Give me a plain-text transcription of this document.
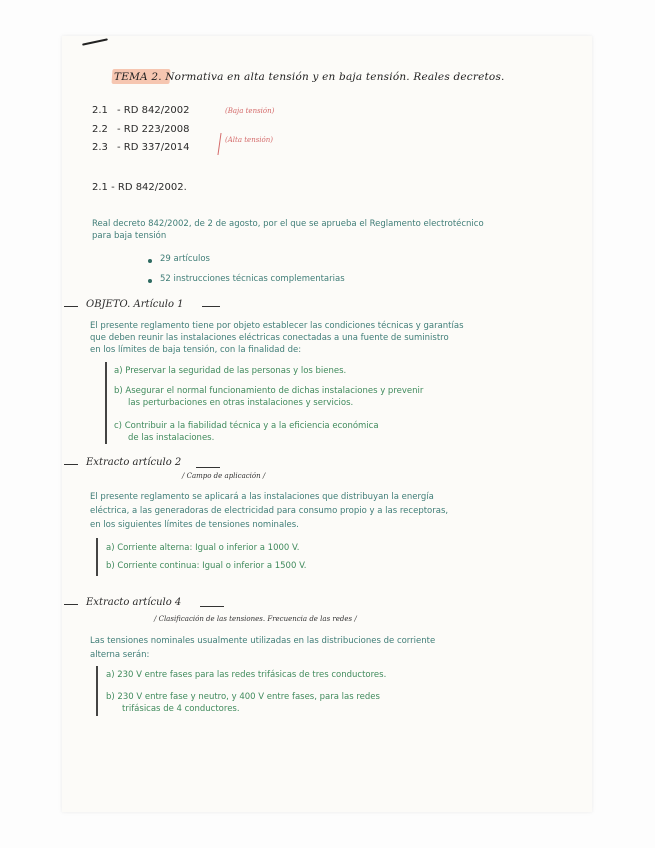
TEMA 2. Normativa en alta tensión y en baja tensión. Reales decretos.
2.1 - RD 842/2002	(Baja tensión)
2.2 - RD 223/2008
(Alta tensión)
2.3 - RD 337/2014
2.1 - RD 842/2002.
Real decreto 842/2002, de 2 de agosto, por el que se aprueba el Reglamento electrotécnico
para baja tensión
29 artículos
52 instrucciones técnicas complementarias
OBJETO. Artículo 1
El presente reglamento tiene por objeto establecer las condiciones técnicas y garantías
que deben reunir las instalaciones eléctricas conectadas a una fuente de suministro
en los límites de baja tensión, con la finalidad de:
a) Preservar la seguridad de las personas y los bienes.
b) Asegurar el normal funcionamiento de dichas instalaciones y prevenir
las perturbaciones en otras instalaciones y servicios.
c) Contribuir a la fiabilidad técnica y a la eficiencia económica
de las instalaciones.
Extracto artículo 2
/ Campo de aplicación /
El presente reglamento se aplicará a las instalaciones que distribuyan la energía
eléctrica, a las generadoras de electricidad para consumo propio y a las receptoras,
en los siguientes límites de tensiones nominales.
a) Corriente alterna: Igual o inferior a 1000 V.
b) Corriente continua: Igual o inferior a 1500 V.
Extracto artículo 4
/ Clasificación de las tensiones. Frecuencia de las redes /
Las tensiones nominales usualmente utilizadas en las distribuciones de corriente
alterna serán:
a) 230 V entre fases para las redes trifásicas de tres conductores.
b) 230 V entre fase y neutro, y 400 V entre fases, para las redes
trifásicas de 4 conductores.
